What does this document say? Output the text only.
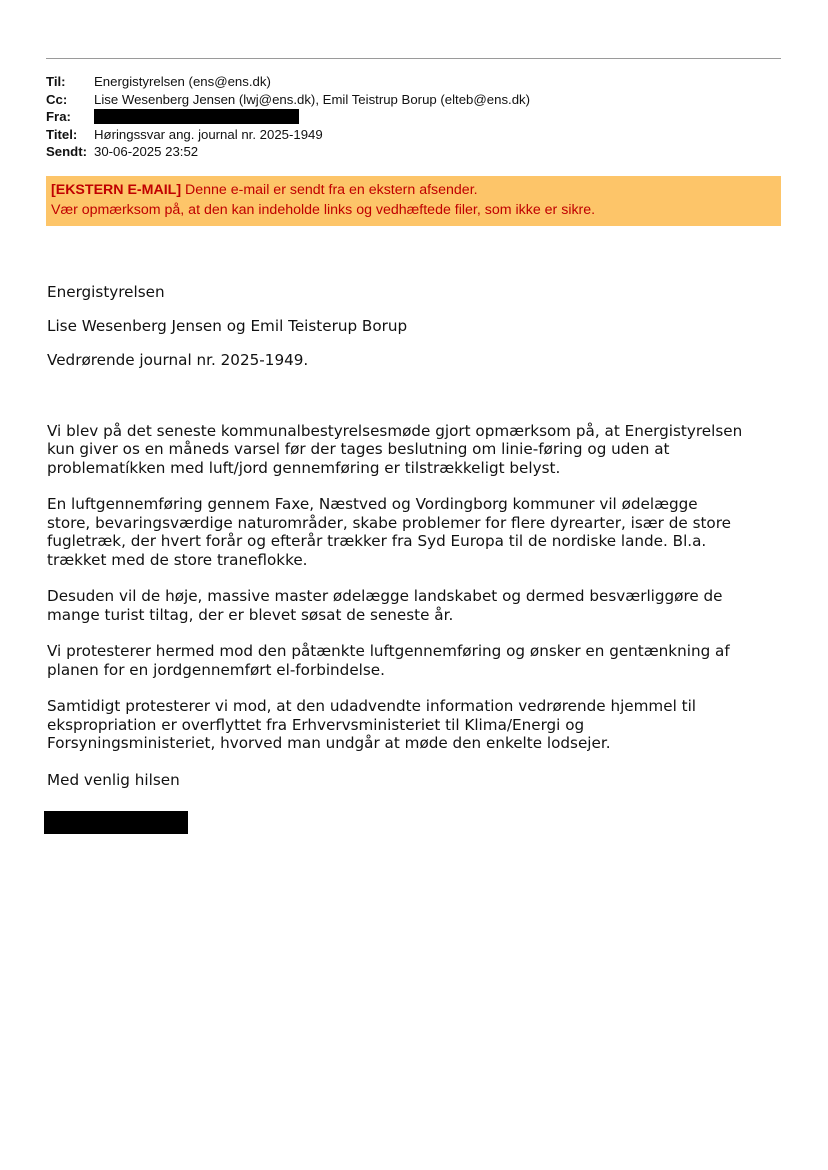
Til:	Energistyrelsen (ens@ens.dk)
Cc:	Lise Wesenberg Jensen (lwj@ens.dk), Emil Teistrup Borup (elteb@ens.dk)
Fra:
Titel:	Høringssvar ang. journal nr. 2025-1949
Sendt: 30-06-2025 23:52
[EKSTERN E-MAIL] Denne e-mail er sendt fra en ekstern afsender.
Vær opmærksom på, at den kan indeholde links og vedhæftede filer, som ikke er sikre.

Energistyrelsen

Lise Wesenberg Jensen og Emil Teisterup Borup

Vedrørende journal nr. 2025-1949.

Vi blev på det seneste kommunalbestyrelsesmøde gjort opmærksom på, at Energistyrelsen

kun giver os en måneds varsel før der tages beslutning om linie-føring og uden at

problematíkken med luft/jord gennemføring er tilstrækkeligt belyst.

En luftgennemføring gennem Faxe, Næstved og Vordingborg kommuner vil ødelægge

store, bevaringsværdige naturområder, skabe problemer for flere dyrearter, især de store

fugletræk, der hvert forår og efterår trækker fra Syd Europa til de nordiske lande. Bl.a.

trækket med de store traneflokke.

Desuden vil de høje, massive master ødelægge landskabet og dermed besværliggøre de

mange turist tiltag, der er blevet søsat de seneste år.

Vi protesterer hermed mod den påtænkte luftgennemføring og ønsker en gentænkning af

planen for en jordgennemført el-forbindelse.

Samtidigt protesterer vi mod, at den udadvendte information vedrørende hjemmel til

ekspropriation er overflyttet fra Erhvervsministeriet til Klima/Energi og

Forsyningsministeriet, hvorved man undgår at møde den enkelte lodsejer.

Med venlig hilsen
